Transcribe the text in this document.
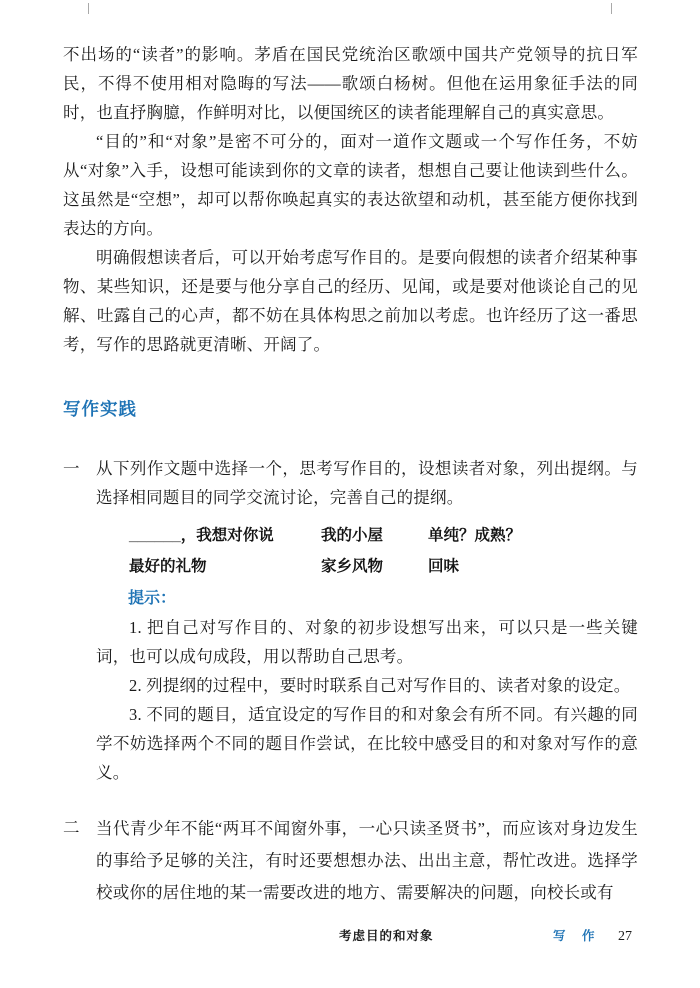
不出场的“读者”的影响。茅盾在国民党统治区歌颂中国共产党领导的抗日军民，不得不使用相对隐晦的写法——歌颂白杨树。但他在运用象征手法的同时，也直抒胸臆，作鲜明对比，以便国统区的读者能理解自己的真实意思。

“目的”和“对象”是密不可分的，面对一道作文题或一个写作任务，不妨从“对象”入手，设想可能读到你的文章的读者，想想自己要让他读到些什么。这虽然是“空想”，却可以帮你唤起真实的表达欲望和动机，甚至能方便你找到表达的方向。

明确假想读者后，可以开始考虑写作目的。是要向假想的读者介绍某种事物、某些知识，还是要与他分享自己的经历、见闻，或是要对他谈论自己的见解、吐露自己的心声，都不妨在具体构思之前加以考虑。也许经历了这一番思考，写作的思路就更清晰、开阔了。

写作实践
一	从下列作文题中选择一个，思考写作目的，设想读者对象，列出提纲。与选择相同题目的同学交流讨论，完善自己的提纲。

______，我想对你说	我的小屋	单纯？成熟？
最好的礼物	家乡风物	回味

提示：

1. 把自己对写作目的、对象的初步设想写出来，可以只是一些关键词，也可以成句成段，用以帮助自己思考。

2. 列提纲的过程中，要时时联系自己对写作目的、读者对象的设定。

3. 不同的题目，适宜设定的写作目的和对象会有所不同。有兴趣的同学不妨选择两个不同的题目作尝试，在比较中感受目的和对象对写作的意义。

二	当代青少年不能“两耳不闻窗外事，一心只读圣贤书”，而应该对身边发生的事给予足够的关注，有时还要想想办法、出出主意，帮忙改进。选择学校或你的居住地的某一需要改进的地方、需要解决的问题，向校长或有

考虑目的和对象	写　作 27
